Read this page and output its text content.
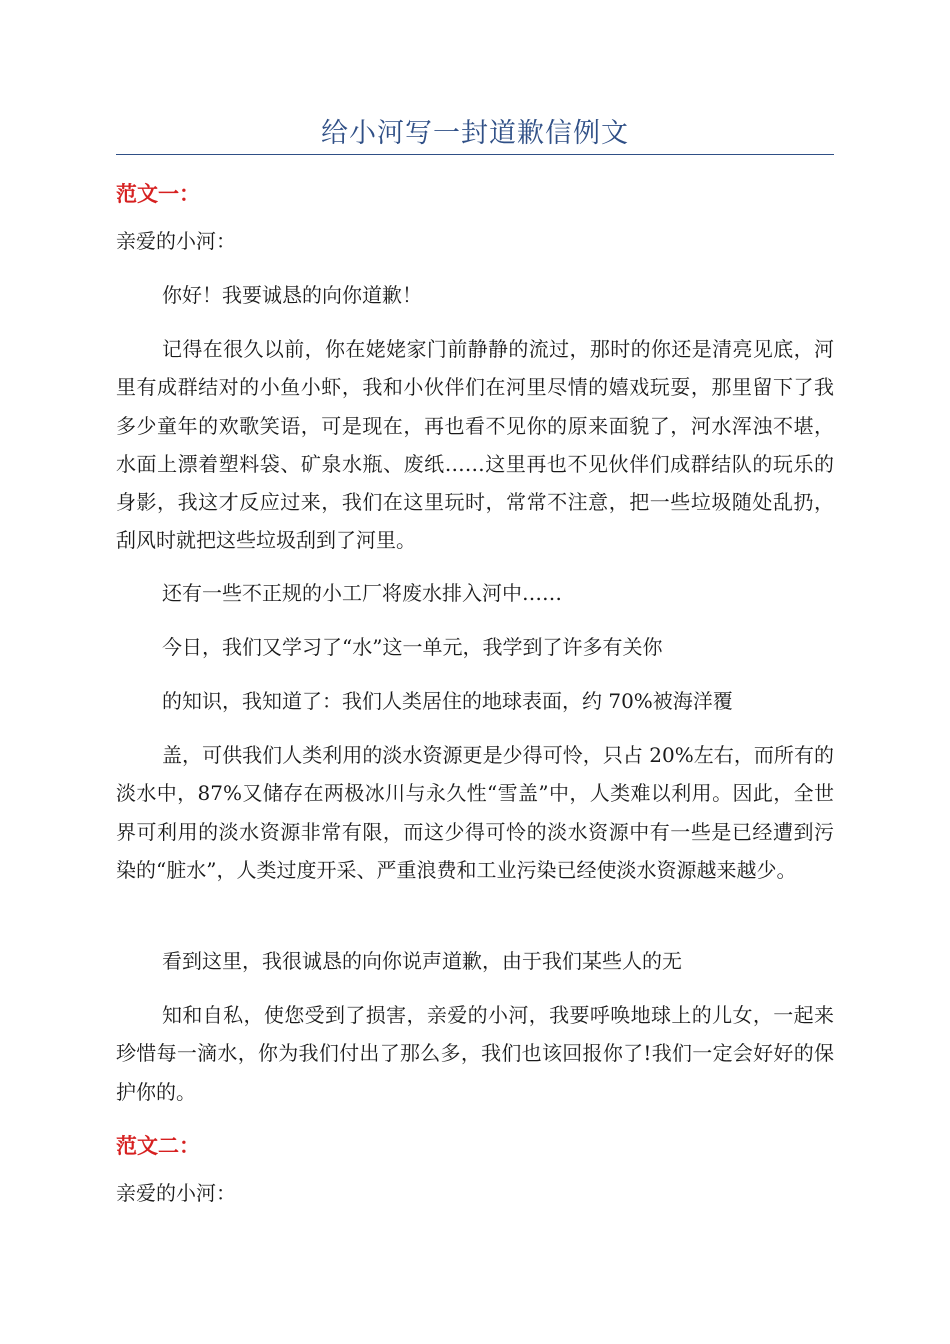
给小河写一封道歉信例文
范文一：

亲爱的小河：

你好！我要诚恳的向你道歉！

记得在很久以前，你在姥姥家门前静静的流过，那时的你还是清亮见底，河里有成群结对的小鱼小虾，我和小伙伴们在河里尽情的嬉戏玩耍，那里留下了我多少童年的欢歌笑语，可是现在，再也看不见你的原来面貌了，河水浑浊不堪，水面上漂着塑料袋、矿泉水瓶、废纸……这里再也不见伙伴们成群结队的玩乐的身影，我这才反应过来，我们在这里玩时，常常不注意，把一些垃圾随处乱扔，刮风时就把这些垃圾刮到了河里。

还有一些不正规的小工厂将废水排入河中……

今日，我们又学习了“水”这一单元，我学到了许多有关你

的知识，我知道了：我们人类居住的地球表面，约 70%被海洋覆

盖，可供我们人类利用的淡水资源更是少得可怜，只占 20%左右，而所有的淡水中，87%又储存在两极冰川与永久性“雪盖”中，人类难以利用。因此，全世界可利用的淡水资源非常有限，而这少得可怜的淡水资源中有一些是已经遭到污染的“脏水”，人类过度开采、严重浪费和工业污染已经使淡水资源越来越少。

看到这里，我很诚恳的向你说声道歉，由于我们某些人的无

知和自私，使您受到了损害，亲爱的小河，我要呼唤地球上的儿女，一起来珍惜每一滴水，你为我们付出了那么多，我们也该回报你了!我们一定会好好的保护你的。

范文二：

亲爱的小河：
